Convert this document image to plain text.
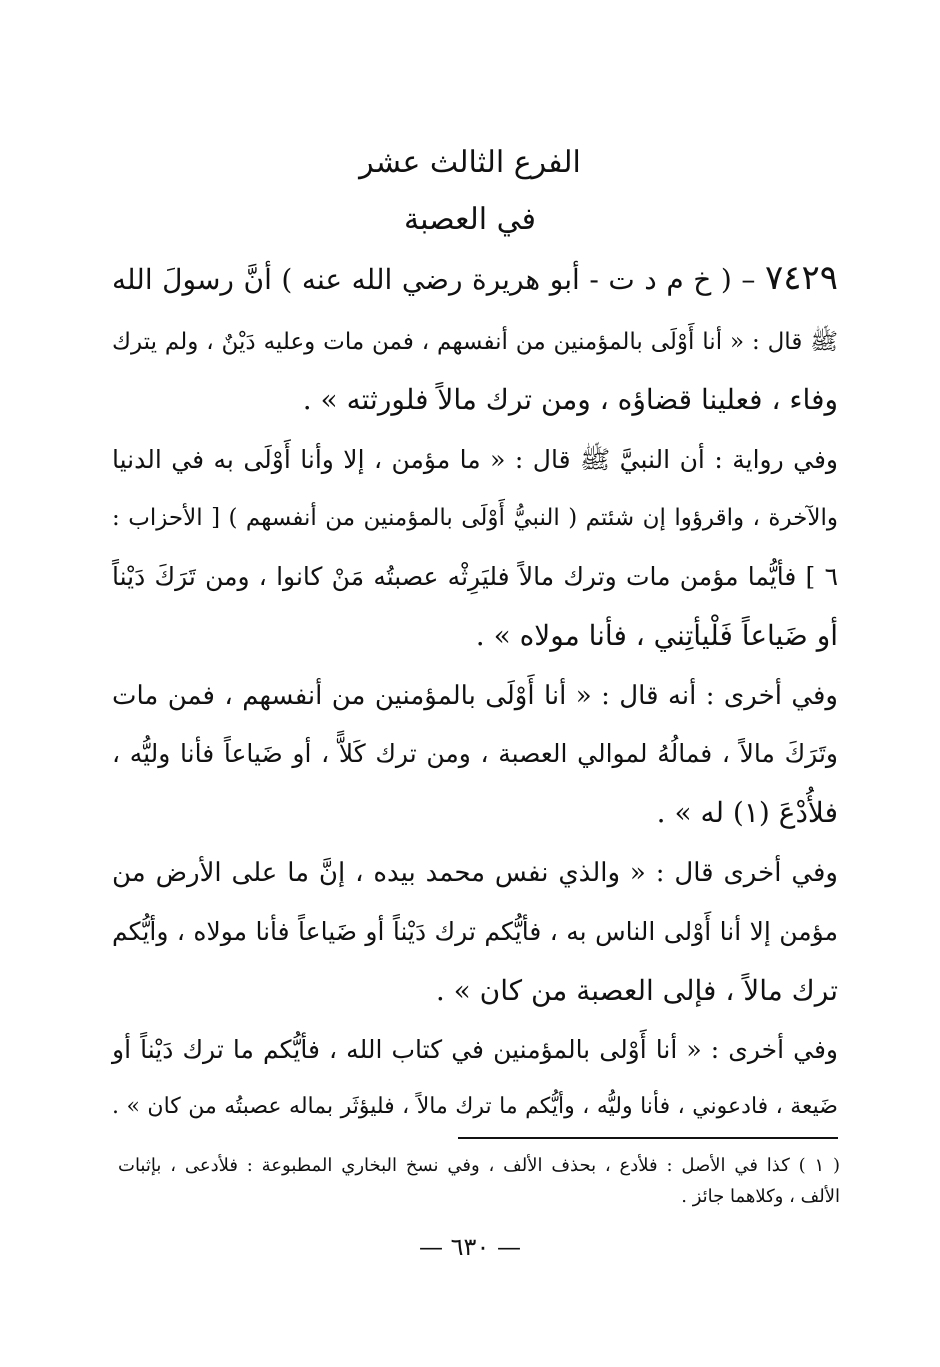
الفرع الثالث عشر
في العصبة
٧٤٢٩ – ( خ م د ت - أبو هريرة رضي الله عنه ) أنَّ رسولَ الله
ﷺ قال : « أنا أَوْلَى بالمؤمنين من أنفسهم ، فمن مات وعليه دَيْنٌ ، ولم يترك
وفاء ، فعلينا قضاؤه ، ومن ترك مالاً فلورثته » .
وفي رواية : أن النبيَّ ﷺ قال : « ما مؤمن ، إلا وأنا أَوْلَى به في الدنيا
والآخرة ، واقرؤوا إن شئتم ( النبيُّ أَوْلَى بالمؤمنين من أنفسهم ) [ الأحزاب :
٦ ] فأيُّما مؤمن مات وترك مالاً فليَرِثْه عصبتُه مَنْ كانوا ، ومن تَرَكَ دَيْناً
أو ضَياعاً فَلْيأتِني ، فأنا مولاه » .
وفي أخرى : أنه قال : « أنا أَوْلَى بالمؤمنين من أنفسهم ، فمن مات
وتَرَكَ مالاً ، فمالُهُ لموالي العصبة ، ومن ترك كَلاًّ ، أو ضَياعاً فأنا وليُّه ،
فلأُدْعَ (١) له » .
وفي أخرى قال : « والذي نفس محمد بيده ، إنَّ ما على الأرض من
مؤمن إلا أنا أَوْلى الناس به ، فأيُّكم ترك دَيْناً أو ضَياعاً فأنا مولاه ، وأيُّكم
ترك مالاً ، فإلى العصبة من كان » .
وفي أخرى : « أنا أَوْلى بالمؤمنين في كتاب الله ، فأيُّكم ما ترك دَيْناً أو
ضَيعة ، فادعوني ، فأنا وليُّه ، وأيُّكم ما ترك مالاً ، فليؤثَر بماله عصبتُه من كان » .
( ١ ) كذا في الأصل : فلأدع ، بحذف الألف ، وفي نسخ البخاري المطبوعة : فلأدعى ، بإثبات
الألف ، وكلاهما جائز .
— ٦٣٠ —
